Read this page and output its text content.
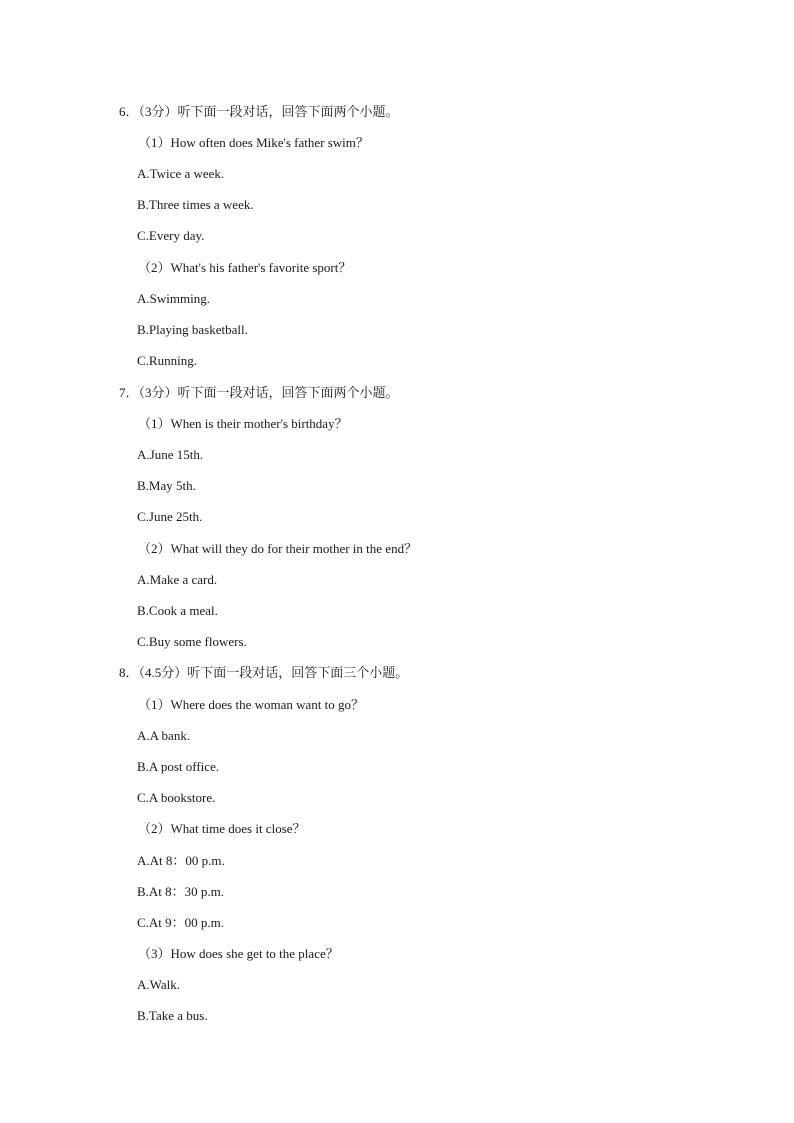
6．（3分）听下面一段对话，回答下面两个小题。
（1）How often does Mike's father swim？
A.Twice a week.
B.Three times a week.
C.Every day.
（2）What's his father's favorite sport？
A.Swimming.
B.Playing basketball.
C.Running.
7．（3分）听下面一段对话，回答下面两个小题。
（1）When is their mother's birthday？
A.June 15th.
B.May 5th.
C.June 25th.
（2）What will they do for their mother in the end？
A.Make a card.
B.Cook a meal.
C.Buy some flowers.
8．（4.5分）听下面一段对话，回答下面三个小题。
（1）Where does the woman want to go？
A.A bank.
B.A post office.
C.A bookstore.
（2）What time does it close？
A.At 8：00 p.m.
B.At 8：30 p.m.
C.At 9：00 p.m.
（3）How does she get to the place？
A.Walk.
B.Take a bus.
